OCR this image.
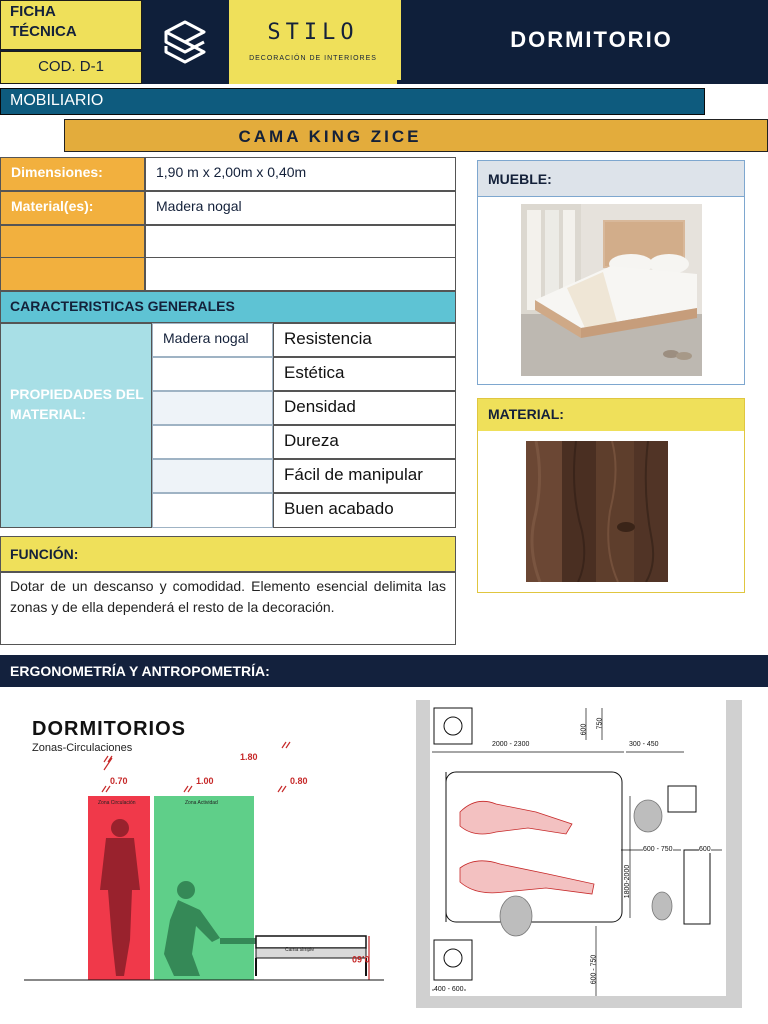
FICHA
TÉCNICA
COD. D-1
STILO
DECORACIÓN DE INTERIORES
DORMITORIO
MOBILIARIO
CAMA KING ZICE
Dimensiones:	1,90 m x 2,00m x 0,40m
Material(es):	Madera nogal
CARACTERISTICAS GENERALES
PROPIEDADES DEL MATERIAL:
Madera nogal	Resistencia
Estética
Densidad
Dureza
Fácil de manipular
Buen acabado
FUNCIÓN:
Dotar de un descanso y comodidad. Elemento esencial delimita las zonas y de ella dependerá el resto de la decoración.
MUEBLE:
MATERIAL:
ERGONOMETRÍA Y ANTROPOMETRÍA:
DORMITORIOS
Zonas-Circulaciones
1.80
0.70	1.00	0.80
Zona Circulación	Zona Actividad
Cama simple
0.60
2000 - 2300	300 - 450
600
750
600 - 750	600
1800-2000
600 - 750
400 - 600
